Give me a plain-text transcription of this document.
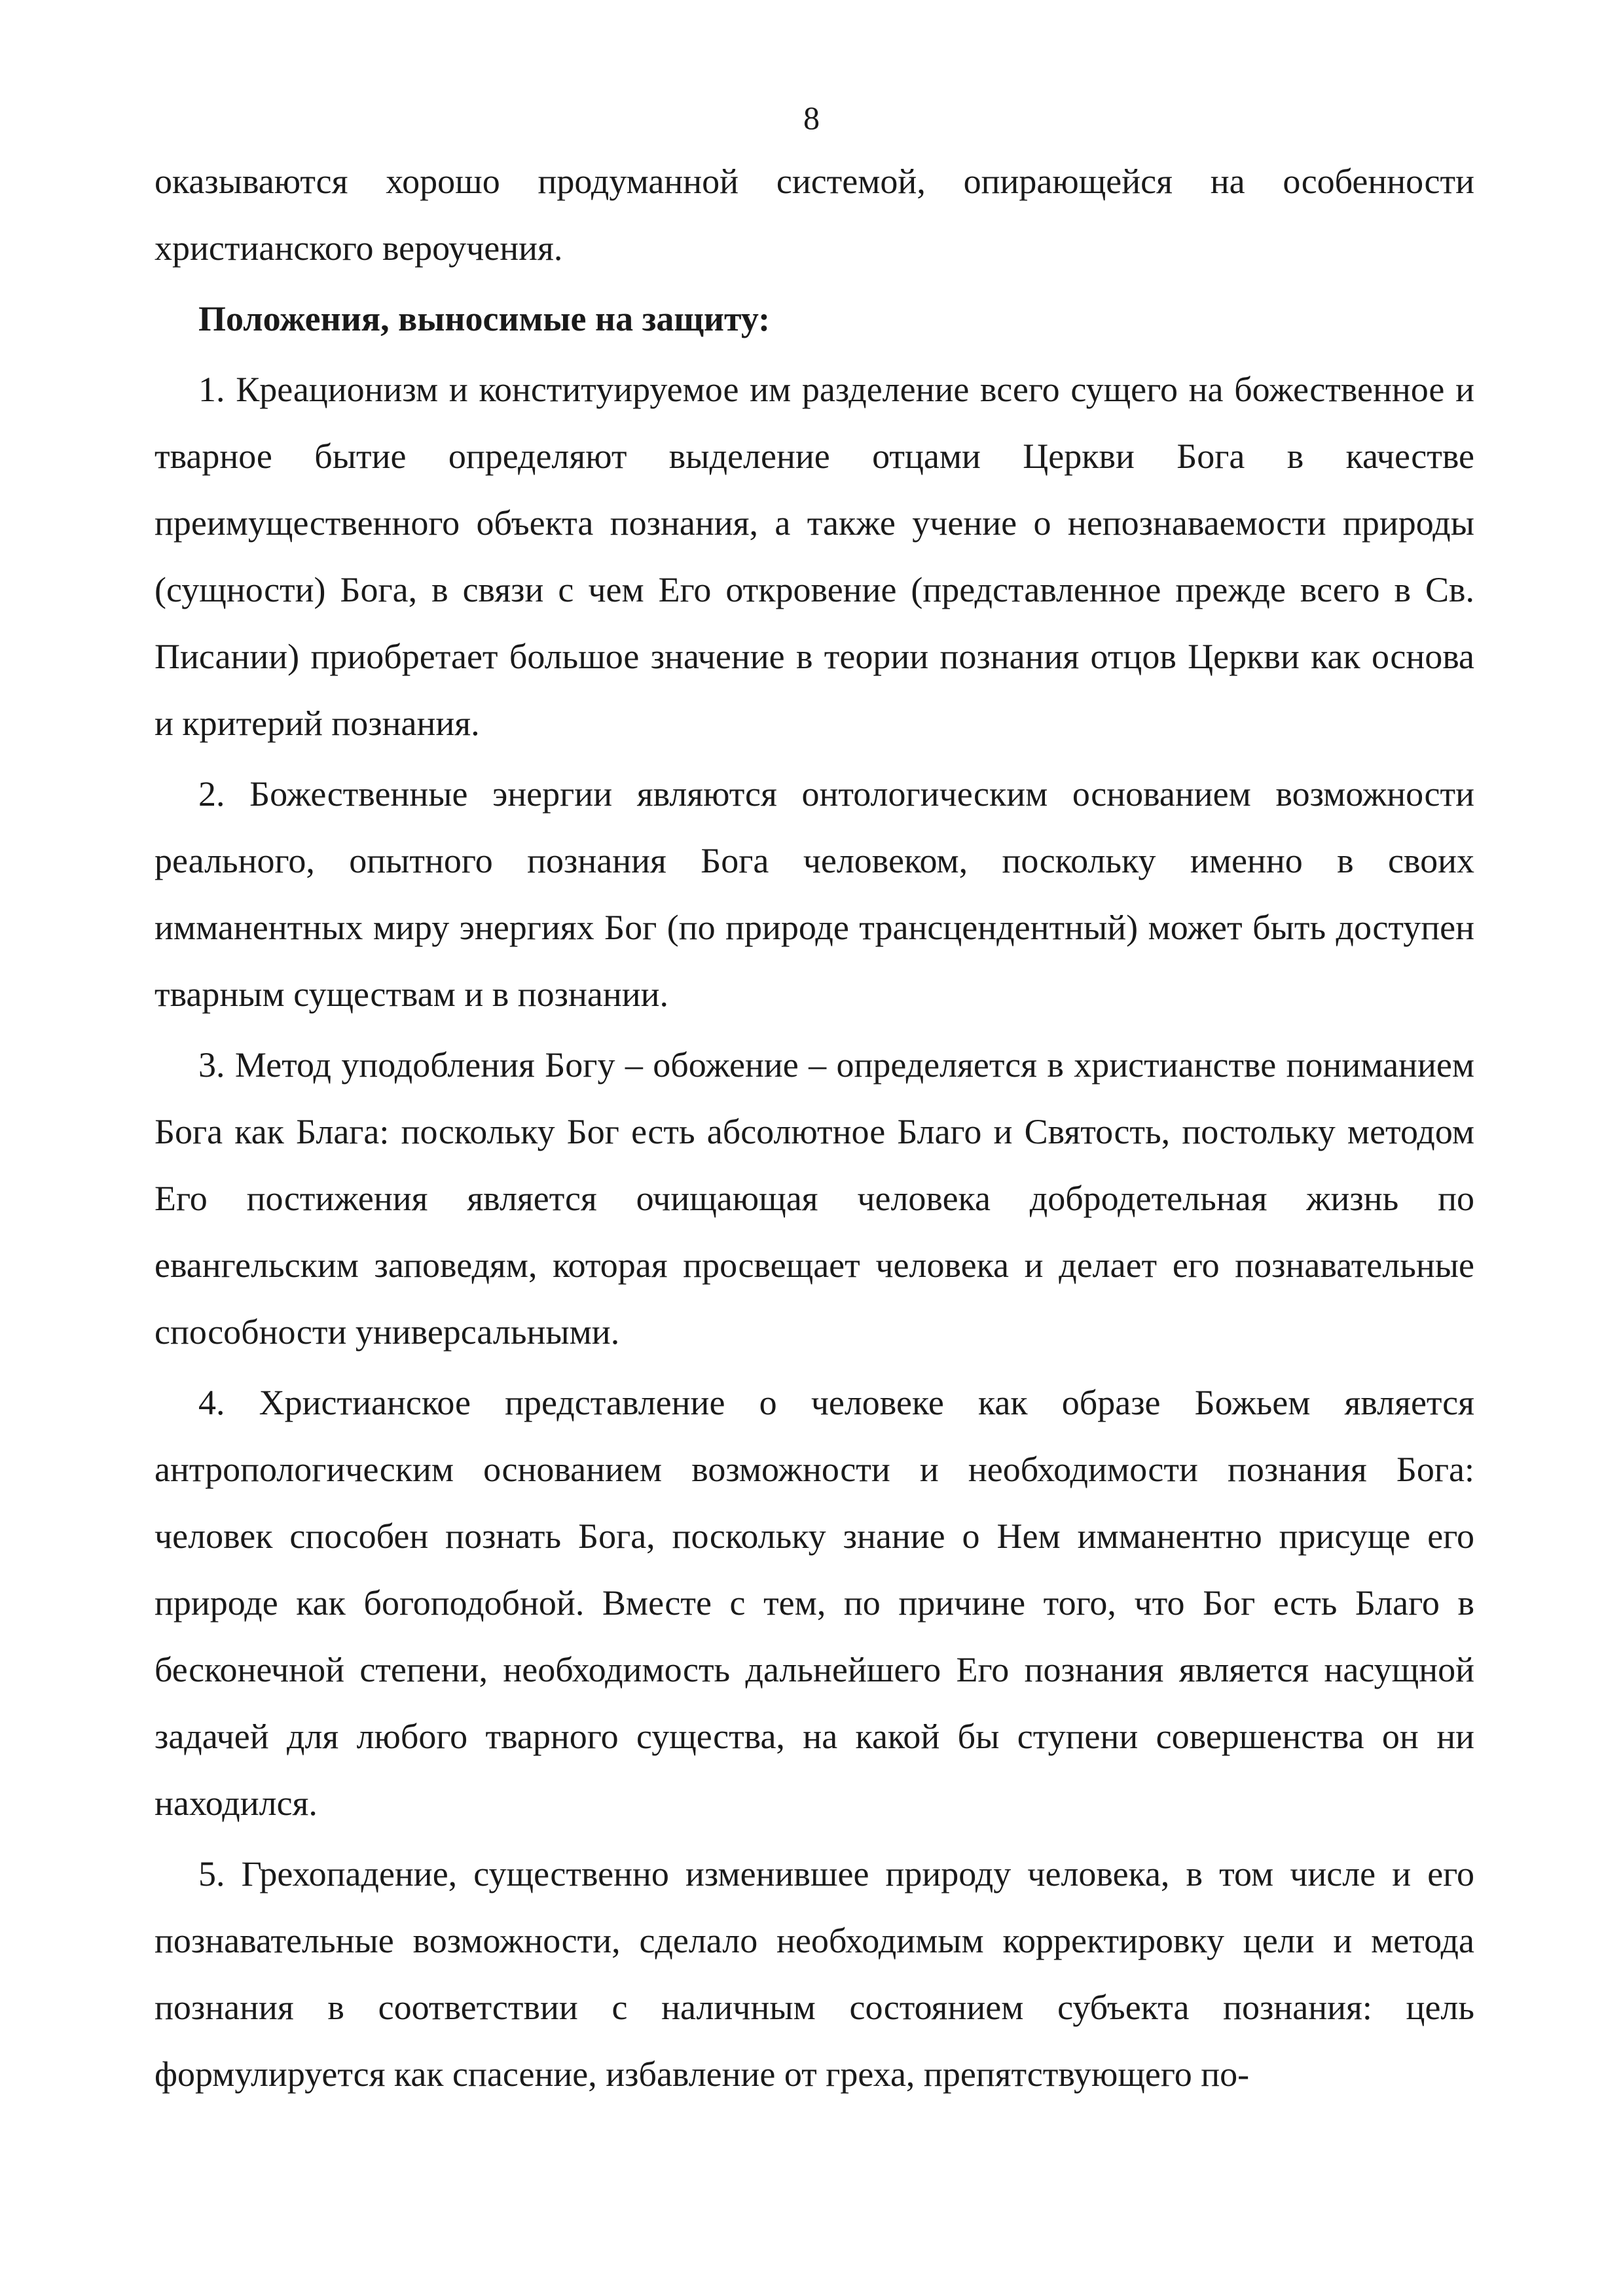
8

оказываются хорошо продуманной системой, опирающейся на особенности христианского вероучения.

Положения, выносимые на защиту:

1. Креационизм и конституируемое им разделение всего сущего на божественное и тварное бытие определяют выделение отцами Церкви Бога в качестве преимущественного объекта познания, а также учение о непознаваемости природы (сущности) Бога, в связи с чем Его откровение (представленное прежде всего в Св. Писании) приобретает большое значение в теории познания отцов Церкви как основа и критерий познания.

2. Божественные энергии являются онтологическим основанием возможности реального, опытного познания Бога человеком, поскольку именно в своих имманентных миру энергиях Бог (по природе трансцендентный) может быть доступен тварным существам и в познании.

3. Метод уподобления Богу – обожение – определяется в христианстве пониманием Бога как Блага: поскольку Бог есть абсолютное Благо и Святость, постольку методом Его постижения является очищающая человека добродетельная жизнь по евангельским заповедям, которая просвещает человека и делает его познавательные способности универсальными.

4. Христианское представление о человеке как образе Божьем является антропологическим основанием возможности и необходимости познания Бога: человек способен познать Бога, поскольку знание о Нем имманентно присуще его природе как богоподобной. Вместе с тем, по причине того, что Бог есть Благо в бесконечной степени, необходимость дальнейшего Его познания является насущной задачей для любого тварного существа, на какой бы ступени совершенства он ни находился.

5. Грехопадение, существенно изменившее природу человека, в том числе и его познавательные возможности, сделало необходимым корректировку цели и метода познания в соответствии с наличным состоянием субъекта познания: цель формулируется как спасение, избавление от греха, препятствующего по-
